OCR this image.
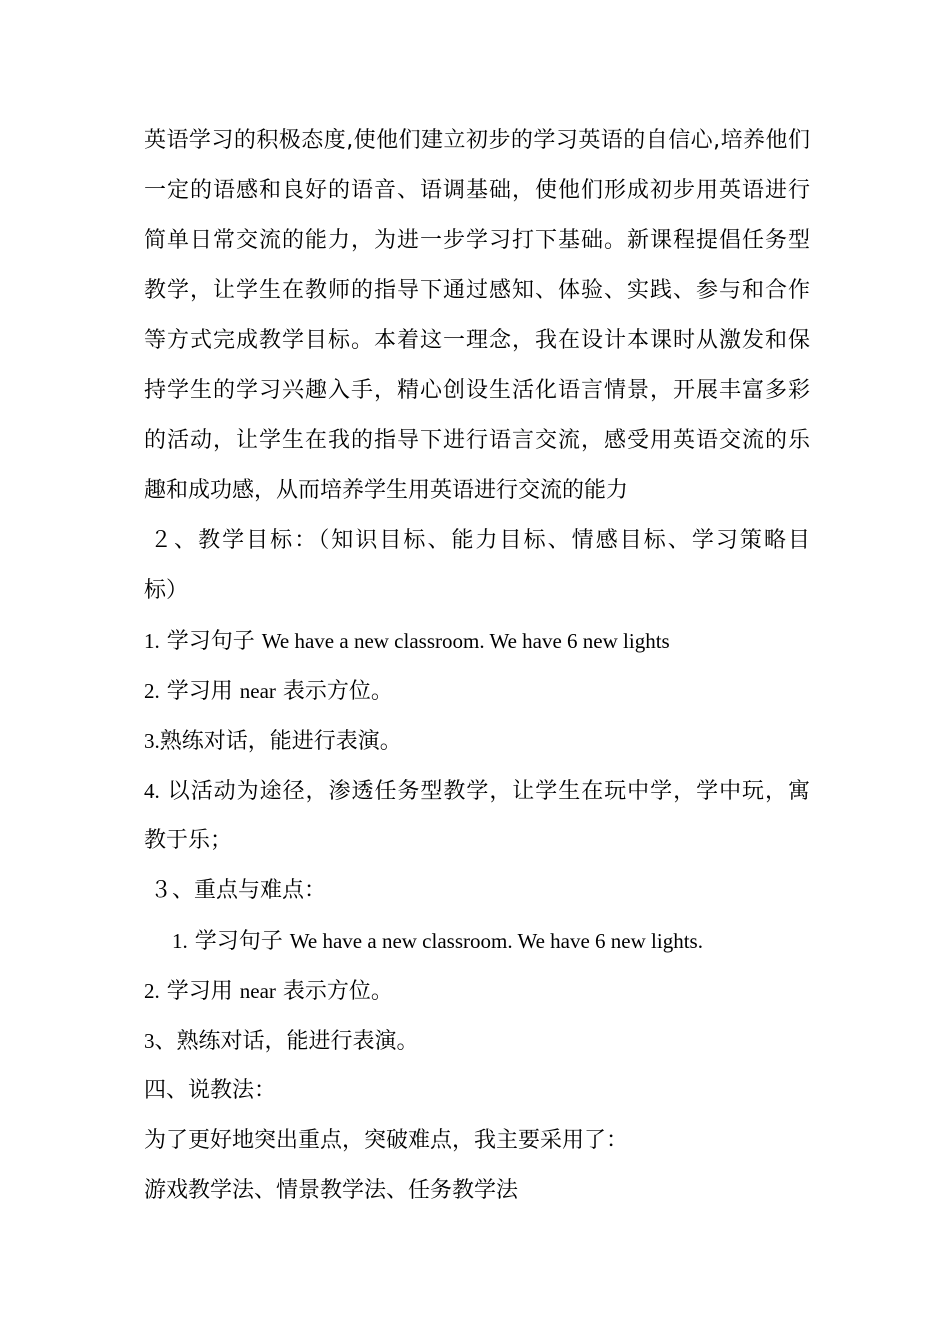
英语学习的积极态度,使他们建立初步的学习英语的自信心,培养他们
一定的语感和良好的语音、语调基础，使他们形成初步用英语进行
简单日常交流的能力，为进一步学习打下基础。新课程提倡任务型
教学，让学生在教师的指导下通过感知、体验、实践、参与和合作
等方式完成教学目标。本着这一理念，我在设计本课时从激发和保
持学生的学习兴趣入手，精心创设生活化语言情景，开展丰富多彩
的活动，让学生在我的指导下进行语言交流，感受用英语交流的乐
趣和成功感，从而培养学生用英语进行交流的能力
２、教学目标：（知识目标、能力目标、情感目标、学习策略目
标）
1. 学习句子 We have a new classroom. We have 6 new lights
2. 学习用 near 表示方位。
3.熟练对话，能进行表演。
4. 以活动为途径，渗透任务型教学，让学生在玩中学，学中玩，寓
教于乐；
３、重点与难点：
1. 学习句子 We have a new classroom. We have 6 new lights.
2. 学习用 near 表示方位。
3、熟练对话，能进行表演。
四、说教法：
为了更好地突出重点，突破难点，我主要采用了：
游戏教学法、情景教学法、任务教学法
